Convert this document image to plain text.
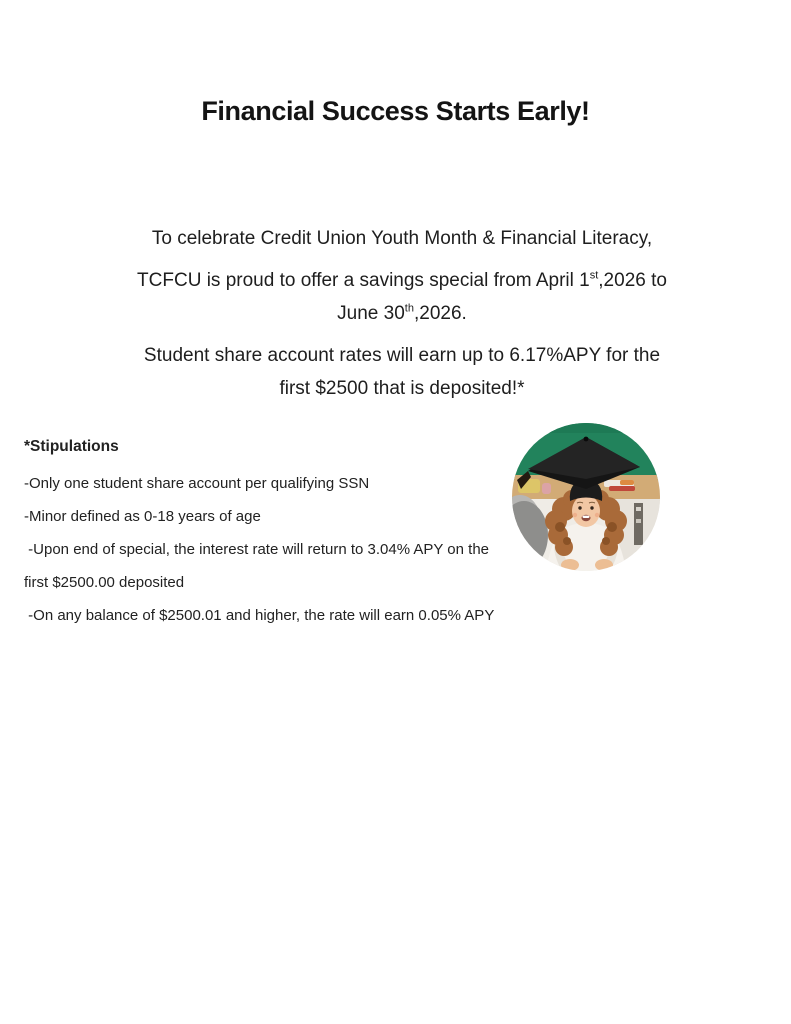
Financial Success Starts Early!

To celebrate Credit Union Youth Month & Financial Literacy,

TCFCU is proud to offer a savings special from April 1st,2026 to
June 30th,2026.

Student share account rates will earn up to 6.17%APY for the
first $2500 that is deposited!*

*Stipulations
-Only one student share account per qualifying SSN
-Minor defined as 0-18 years of age
-Upon end of special, the interest rate will return to 3.04% APY on the
first $2500.00 deposited
-On any balance of $2500.01 and higher, the rate will earn 0.05% APY
